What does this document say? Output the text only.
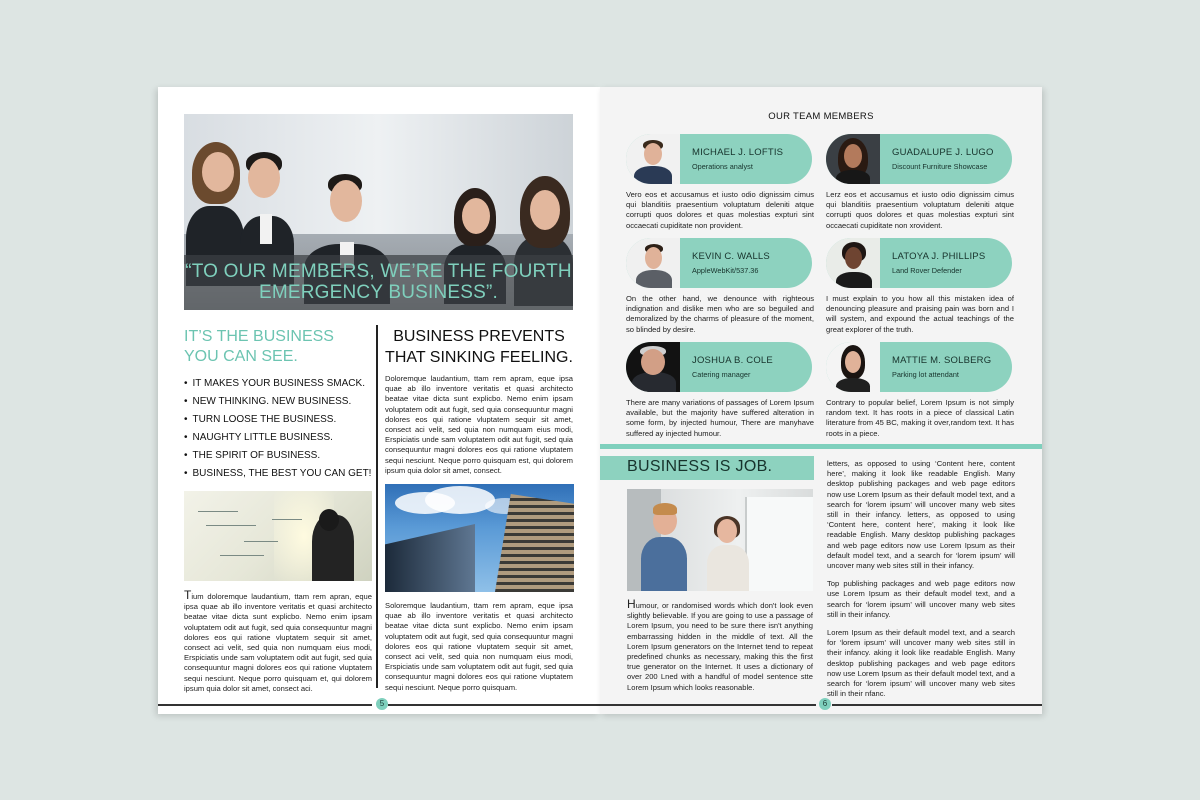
“TO OUR MEMBERS, WE’RE THE FOURTH EMERGENCY BUSINESS”.
IT’S THE BUSINESS YOU CAN SEE.
• IT MAKES YOUR BUSINESS SMACK.
• NEW THINKING. NEW BUSINESS.
• TURN LOOSE THE BUSINESS.
• NAUGHTY LITTLE BUSINESS.
• THE SPIRIT OF BUSINESS.
• BUSINESS, THE BEST YOU CAN GET!
Tium doloremque laudantium, ttam rem apran, eque ipsa quae ab illo inventore veritatis et quasi architecto beatae vitae dicta sunt explicbo. Nemo enim ipsam voluptatem odit aut fugit, sed quia consequuntur magni dolores eos qui ratione vluptatem sequir sit amet, consect aci velit, sed quia non numquam eius modi, Erspiciatis unde sam voluptatem odit aut fugit, sed quia consequuntur magni dolores eos qui ratione vluptatem sequi nesciunt. Neque porro quisquam et, qui dolorem ipsum quia dolor sit amet, consect aci.
BUSINESS PREVENTS THAT SINKING FEELING.
Doloremque laudantium, ttam rem apram, eque ipsa quae ab illo inventore veritatis et quasi architecto beatae vitae dicta sunt explicbo. Nemo enim ipsam voluptatem odit aut fugit, sed quia consequuntur magni dolores eos qui ratione vluptatem sequir sit amet, consect aci velit, sed quia non numquam eius modi, Erspiciatis unde sam voluptatem odit aut fugit, sed quia consequuntur magni dolores eos qui ratione vluptatem sequi nesciunt. Neque porro quisquam est, qui dolorem ipsum quia dolor sit amet, consect.
Soloremque laudantium, ttam rem apram, eque ipsa quae ab illo inventore veritatis et quasi architecto beatae vitae dicta sunt explicbo. Nemo enim ipsam voluptatem odit aut fugit, sed quia consequuntur magni dolores eos qui ratione vluptatem sequir sit amet, consect aci velit, sed quia non numquam eius modi, Erspiciatis unde sam voluptatem odit aut fugit, sed quia consequuntur magni dolores eos qui ratione vluptatem sequi nesciunt. Neque porro quisquam.
5
OUR TEAM MEMBERS
MICHAEL J. LOFTIS
Operations analyst
Vero eos et accusamus et iusto odio dignissim cimus qui blanditiis praesentium voluptatum deleniti atque corrupti quos dolores et quas molestias expturi sint occaecati cupiditate non provident.
GUADALUPE J. LUGO
Discount Furniture Showcase
Lerz eos et accusamus et iusto odio dignissim cimus qui blanditiis praesentium voluptatum deleniti atque corrupti quos dolores et quas molestias expturi sint occaecati cupiditate non xrovident.
KEVIN C. WALLS
AppleWebKit/537.36
On the other hand, we denounce with righteous indignation and dislike men who are so beguiled and demoralized by the charms of pleasure of the moment, so blinded by desire.
LATOYA J. PHILLIPS
Land Rover Defender
I must explain to you how all this mistaken idea of denouncing pleasure and praising pain was born and I will system, and expound the actual teachings of the great explorer of the truth.
JOSHUA B. COLE
Catering manager
There are many variations of passages of Lorem Ipsum available, but the majority have suffered alteration in some form, by injected humour, There are manyhave suffered ay injected humour.
MATTIE M. SOLBERG
Parking lot attendant
Contrary to popular belief, Lorem Ipsum is not simply random text. It has roots in a piece of classical Latin literature from 45 BC, making it over,random text. It has roots in a piece.
BUSINESS IS JOB.
Humour, or randomised words which don't look even slightly believable. If you are going to use a passage of Lorem Ipsum, you need to be sure there isn't anything embarrassing hidden in the middle of text. All the Lorem Ipsum generators on the Internet tend to repeat predefined chunks as necessary, making this the first true generator on the Internet. It uses a dictionary of over 200 Lned with a handful of model sentence stte Lorem Ipsum which looks reasonable.

letters, as opposed to using ‘Content here, content here’, making it look like readable English. Many desktop publishing packages and web page editors now use Lorem Ipsum as their default model text, and a search for ‘lorem ipsum’ will uncover many web sites still in their infancy. letters, as opposed to using ‘Content here, content here’, making it look like readable English. Many desktop publishing packages and web page editors now use Lorem Ipsum as their default model text, and a search for ‘lorem ipsum’ will uncover many web sites still in their infancy.

Top publishing packages and web page editors now use Lorem Ipsum as their default model text, and a search for ‘lorem ipsum’ will uncover many web sites still in their infancy.

Lorem Ipsum as their default model text, and a search for ‘lorem ipsum’ will uncover many web sites still in their infancy. aking it look like readable English. Many desktop publishing packages and web page editors now use Lorem Ipsum as their default model text, and a search for ‘lorem ipsum’ will uncover many web sites still in their nfanc.

6
